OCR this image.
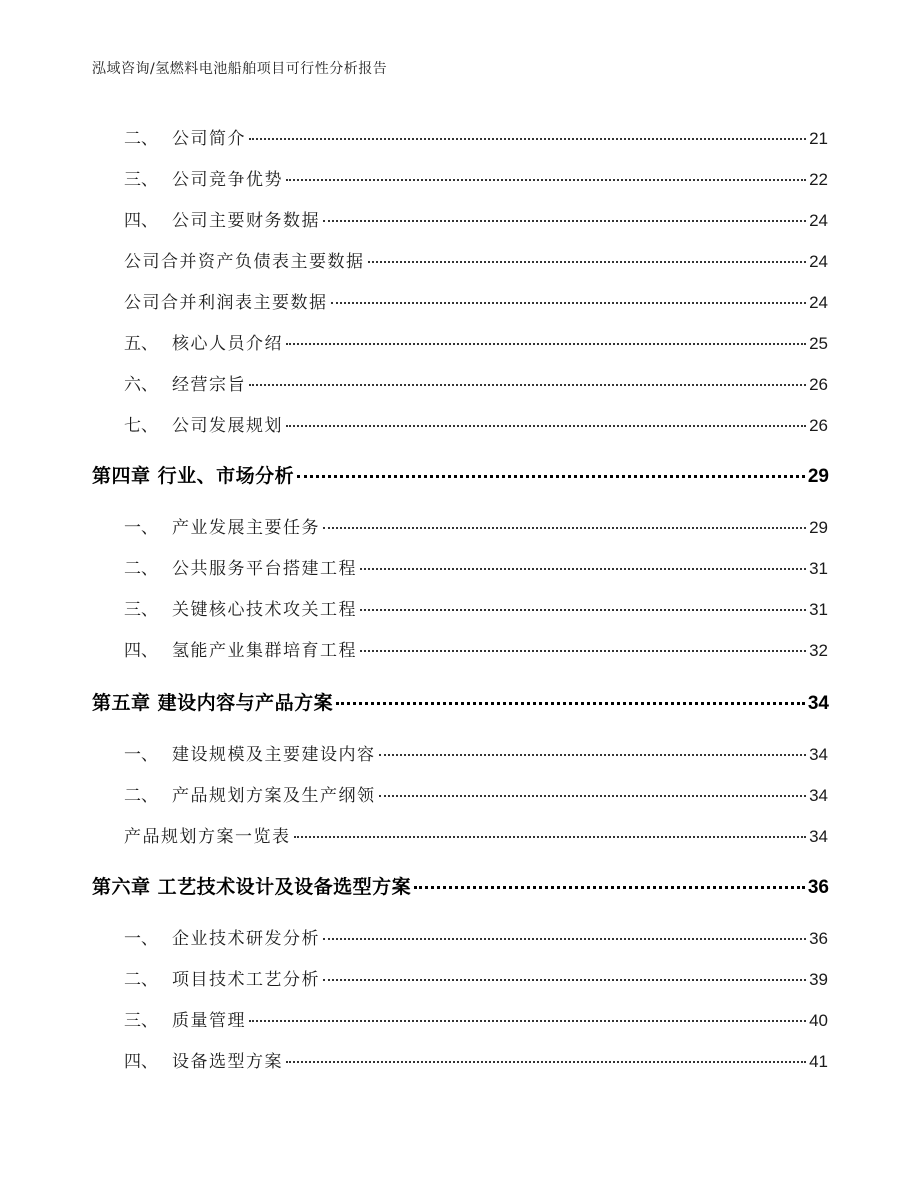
泓域咨询/氢燃料电池船舶项目可行性分析报告
二、 公司简介	21
三、 公司竞争优势	22
四、 公司主要财务数据	24
公司合并资产负债表主要数据	24
公司合并利润表主要数据	24
五、 核心人员介绍	25
六、 经营宗旨	26
七、 公司发展规划	26
第四章 行业、市场分析	29
一、 产业发展主要任务	29
二、 公共服务平台搭建工程	31
三、 关键核心技术攻关工程	31
四、 氢能产业集群培育工程	32
第五章 建设内容与产品方案	34
一、 建设规模及主要建设内容	34
二、 产品规划方案及生产纲领	34
产品规划方案一览表	34
第六章 工艺技术设计及设备选型方案	36
一、 企业技术研发分析	36
二、 项目技术工艺分析	39
三、 质量管理	40
四、 设备选型方案	41
